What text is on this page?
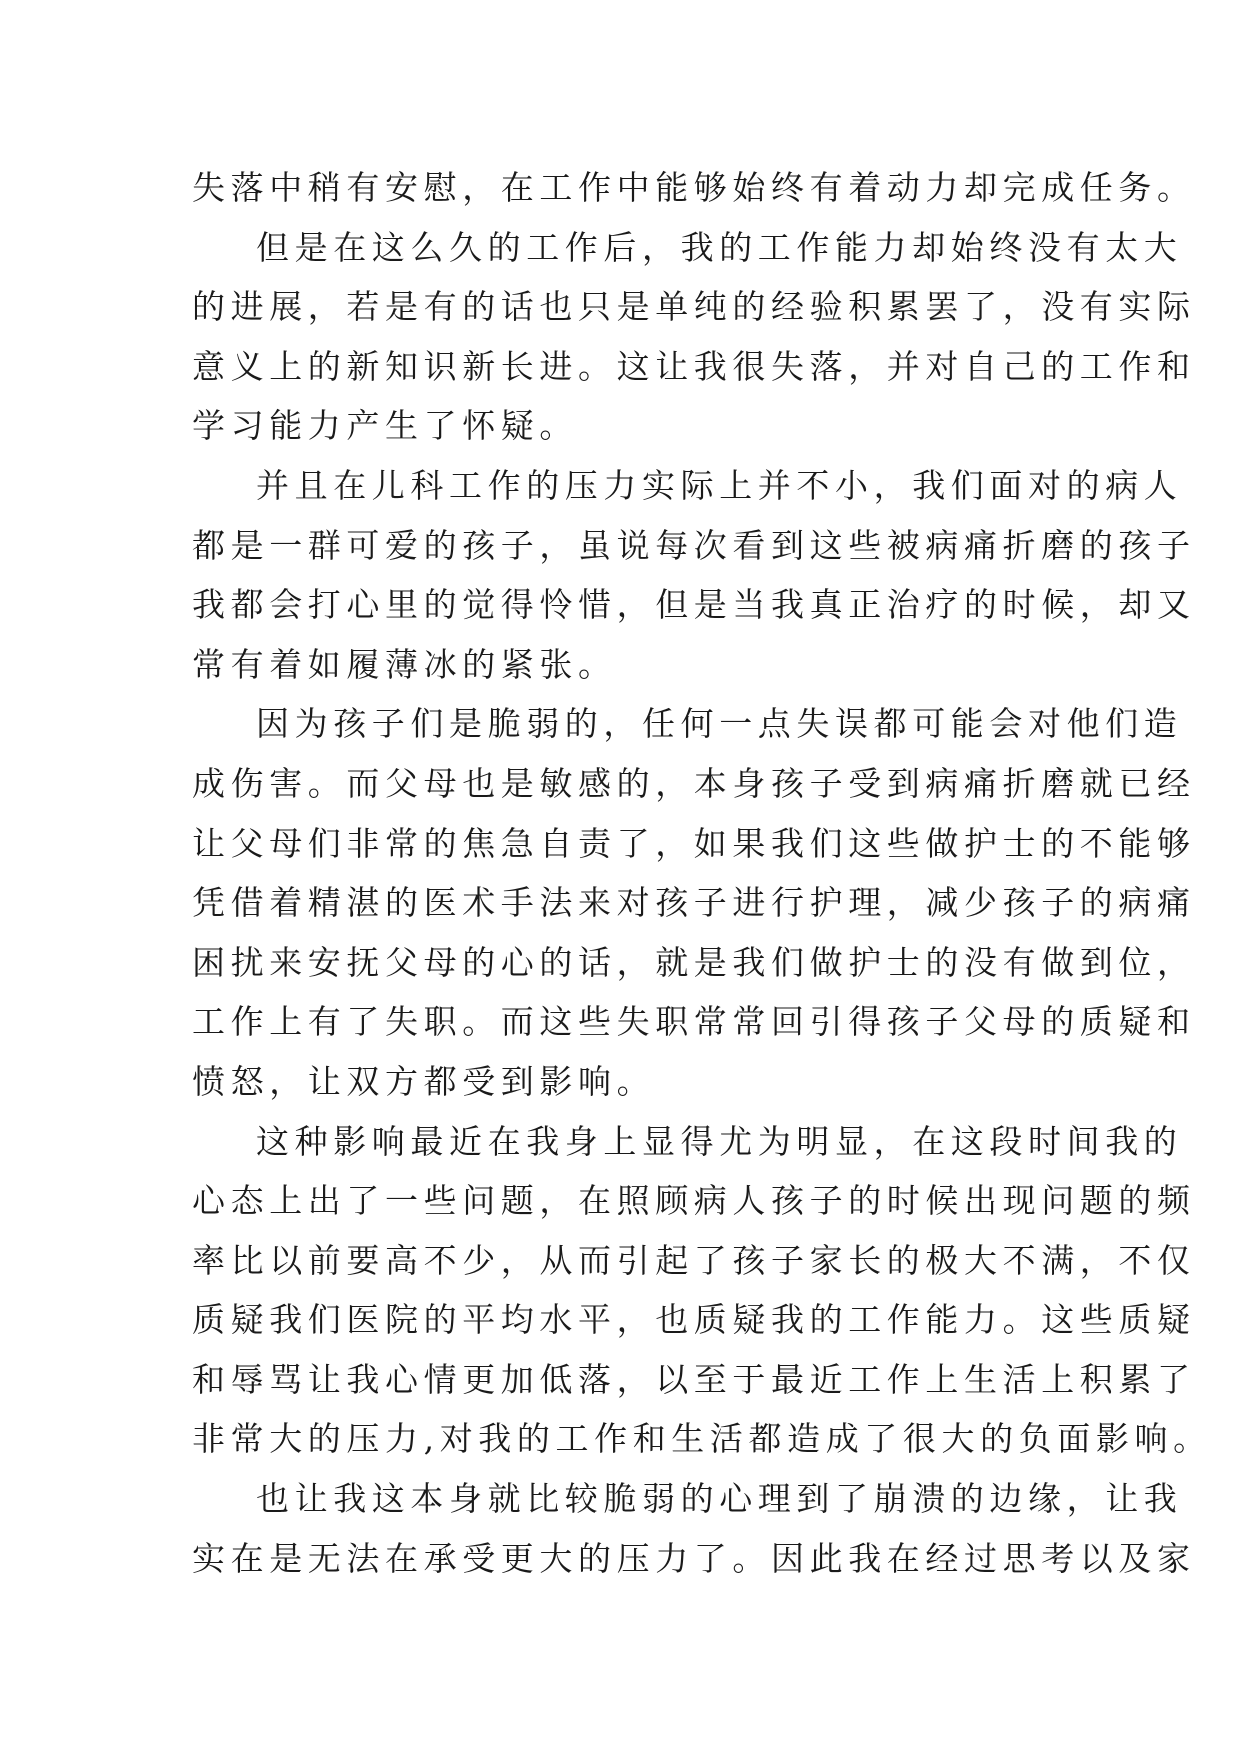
失落中稍有安慰，在工作中能够始终有着动力却完成任务。
但是在这么久的工作后，我的工作能力却始终没有太大
的进展，若是有的话也只是单纯的经验积累罢了，没有实际
意义上的新知识新长进。这让我很失落，并对自己的工作和
学习能力产生了怀疑。
并且在儿科工作的压力实际上并不小，我们面对的病人
都是一群可爱的孩子，虽说每次看到这些被病痛折磨的孩子
我都会打心里的觉得怜惜，但是当我真正治疗的时候，却又
常有着如履薄冰的紧张。
因为孩子们是脆弱的，任何一点失误都可能会对他们造
成伤害。而父母也是敏感的，本身孩子受到病痛折磨就已经
让父母们非常的焦急自责了，如果我们这些做护士的不能够
凭借着精湛的医术手法来对孩子进行护理，减少孩子的病痛
困扰来安抚父母的心的话，就是我们做护士的没有做到位，
工作上有了失职。而这些失职常常回引得孩子父母的质疑和
愤怒，让双方都受到影响。
这种影响最近在我身上显得尤为明显，在这段时间我的
心态上出了一些问题，在照顾病人孩子的时候出现问题的频
率比以前要高不少，从而引起了孩子家长的极大不满，不仅
质疑我们医院的平均水平，也质疑我的工作能力。这些质疑
和辱骂让我心情更加低落，以至于最近工作上生活上积累了
非常大的压力,对我的工作和生活都造成了很大的负面影响。
也让我这本身就比较脆弱的心理到了崩溃的边缘，让我
实在是无法在承受更大的压力了。因此我在经过思考以及家
